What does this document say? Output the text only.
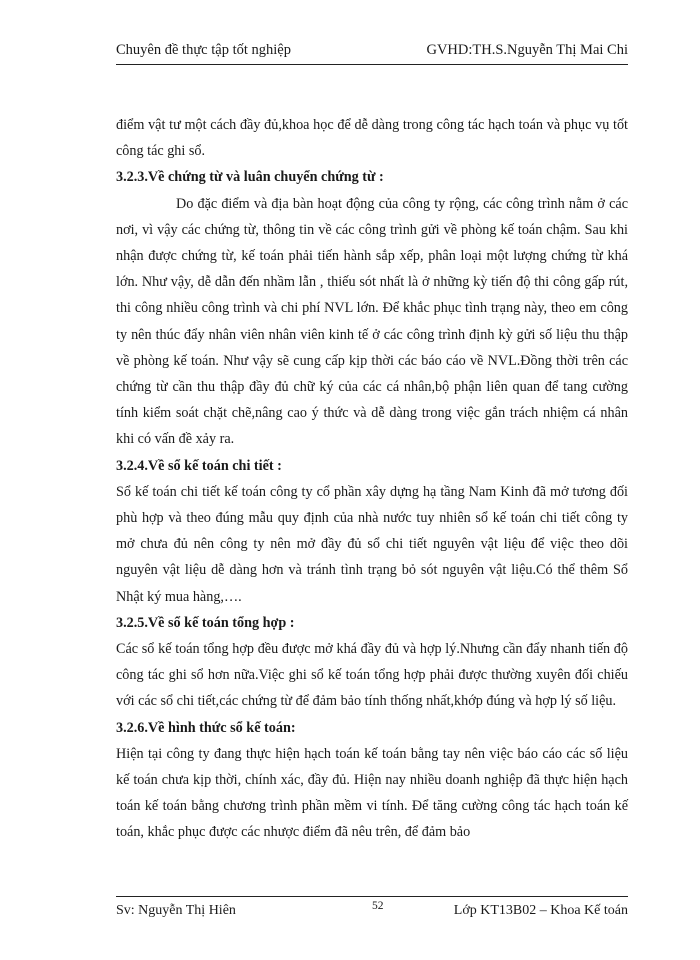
Chuyên đề thực tập tốt nghiệp	GVHD:TH.S.Nguyễn Thị Mai Chi

điểm vật tư một cách đầy đủ,khoa học để dễ dàng trong công tác hạch toán và phục vụ tốt công tác ghi sổ.

3.2.3.Về chứng từ và luân chuyển chứng từ :

Do đặc điểm và địa bàn hoạt động của công ty rộng, các công trình nằm ở các nơi, vì vậy các chứng từ, thông tin về các công trình gửi về phòng kế toán chậm. Sau khi nhận được chứng từ, kế toán phải tiến hành sắp xếp, phân loại một lượng chứng từ khá lớn. Như vậy, dễ dẫn đến nhầm lẫn , thiếu sót nhất là ở những kỳ tiến độ thi công gấp rút, thi công nhiều công trình và chi phí NVL lớn. Để khắc phục tình trạng này, theo em công ty nên thúc đẩy nhân viên nhân viên kinh tế ở các công trình định kỳ gửi số liệu thu thập về phòng kế toán. Như vậy sẽ cung cấp kịp thời các báo cáo về NVL.Đồng thời trên các chứng từ cần thu thập đầy đủ chữ ký của các cá nhân,bộ phận liên quan để tang cường tính kiểm soát chặt chẽ,nâng cao ý thức và dễ dàng trong việc gắn trách nhiệm cá nhân khi có vấn đề xảy ra.

3.2.4.Về sổ kế toán chi tiết :

Sổ kế toán chi tiết kế toán công ty cổ phần xây dựng hạ tầng Nam Kinh đã mở tương đối phù hợp và theo đúng mẫu quy định của nhà nước tuy nhiên sổ kế toán chi tiết công ty mở chưa đủ nên công ty nên mở đầy đủ sổ chi tiết nguyên vật liệu để việc theo dõi nguyên vật liệu dễ dàng hơn và tránh tình trạng bỏ sót nguyên vật liệu.Có thể thêm Sổ Nhật ký mua hàng,….

3.2.5.Về sổ kế toán tổng hợp :

Các sổ kế toán tổng hợp đều được mở khá đầy đủ và hợp lý.Nhưng cần đẩy nhanh tiến độ công tác ghi sổ hơn nữa.Việc ghi sổ kế toán tổng hợp phải được thường xuyên đối chiếu với các sổ chi tiết,các chứng từ để đảm bảo tính thống nhất,khớp đúng và hợp lý số liệu.

3.2.6.Về hình thức sổ kế toán:

Hiện tại công ty đang thực hiện hạch toán kế toán bằng tay nên việc báo cáo các số liệu kế toán chưa kịp thời, chính xác, đầy đủ. Hiện nay nhiều doanh nghiệp đã thực hiện hạch toán kế toán bằng chương trình phần mềm vi tính. Để tăng cường công tác hạch toán kế toán, khắc phục được các nhược điểm đã nêu trên, để đảm bảo

Sv: Nguyễn Thị Hiên	52	Lớp KT13B02 – Khoa Kế toán
